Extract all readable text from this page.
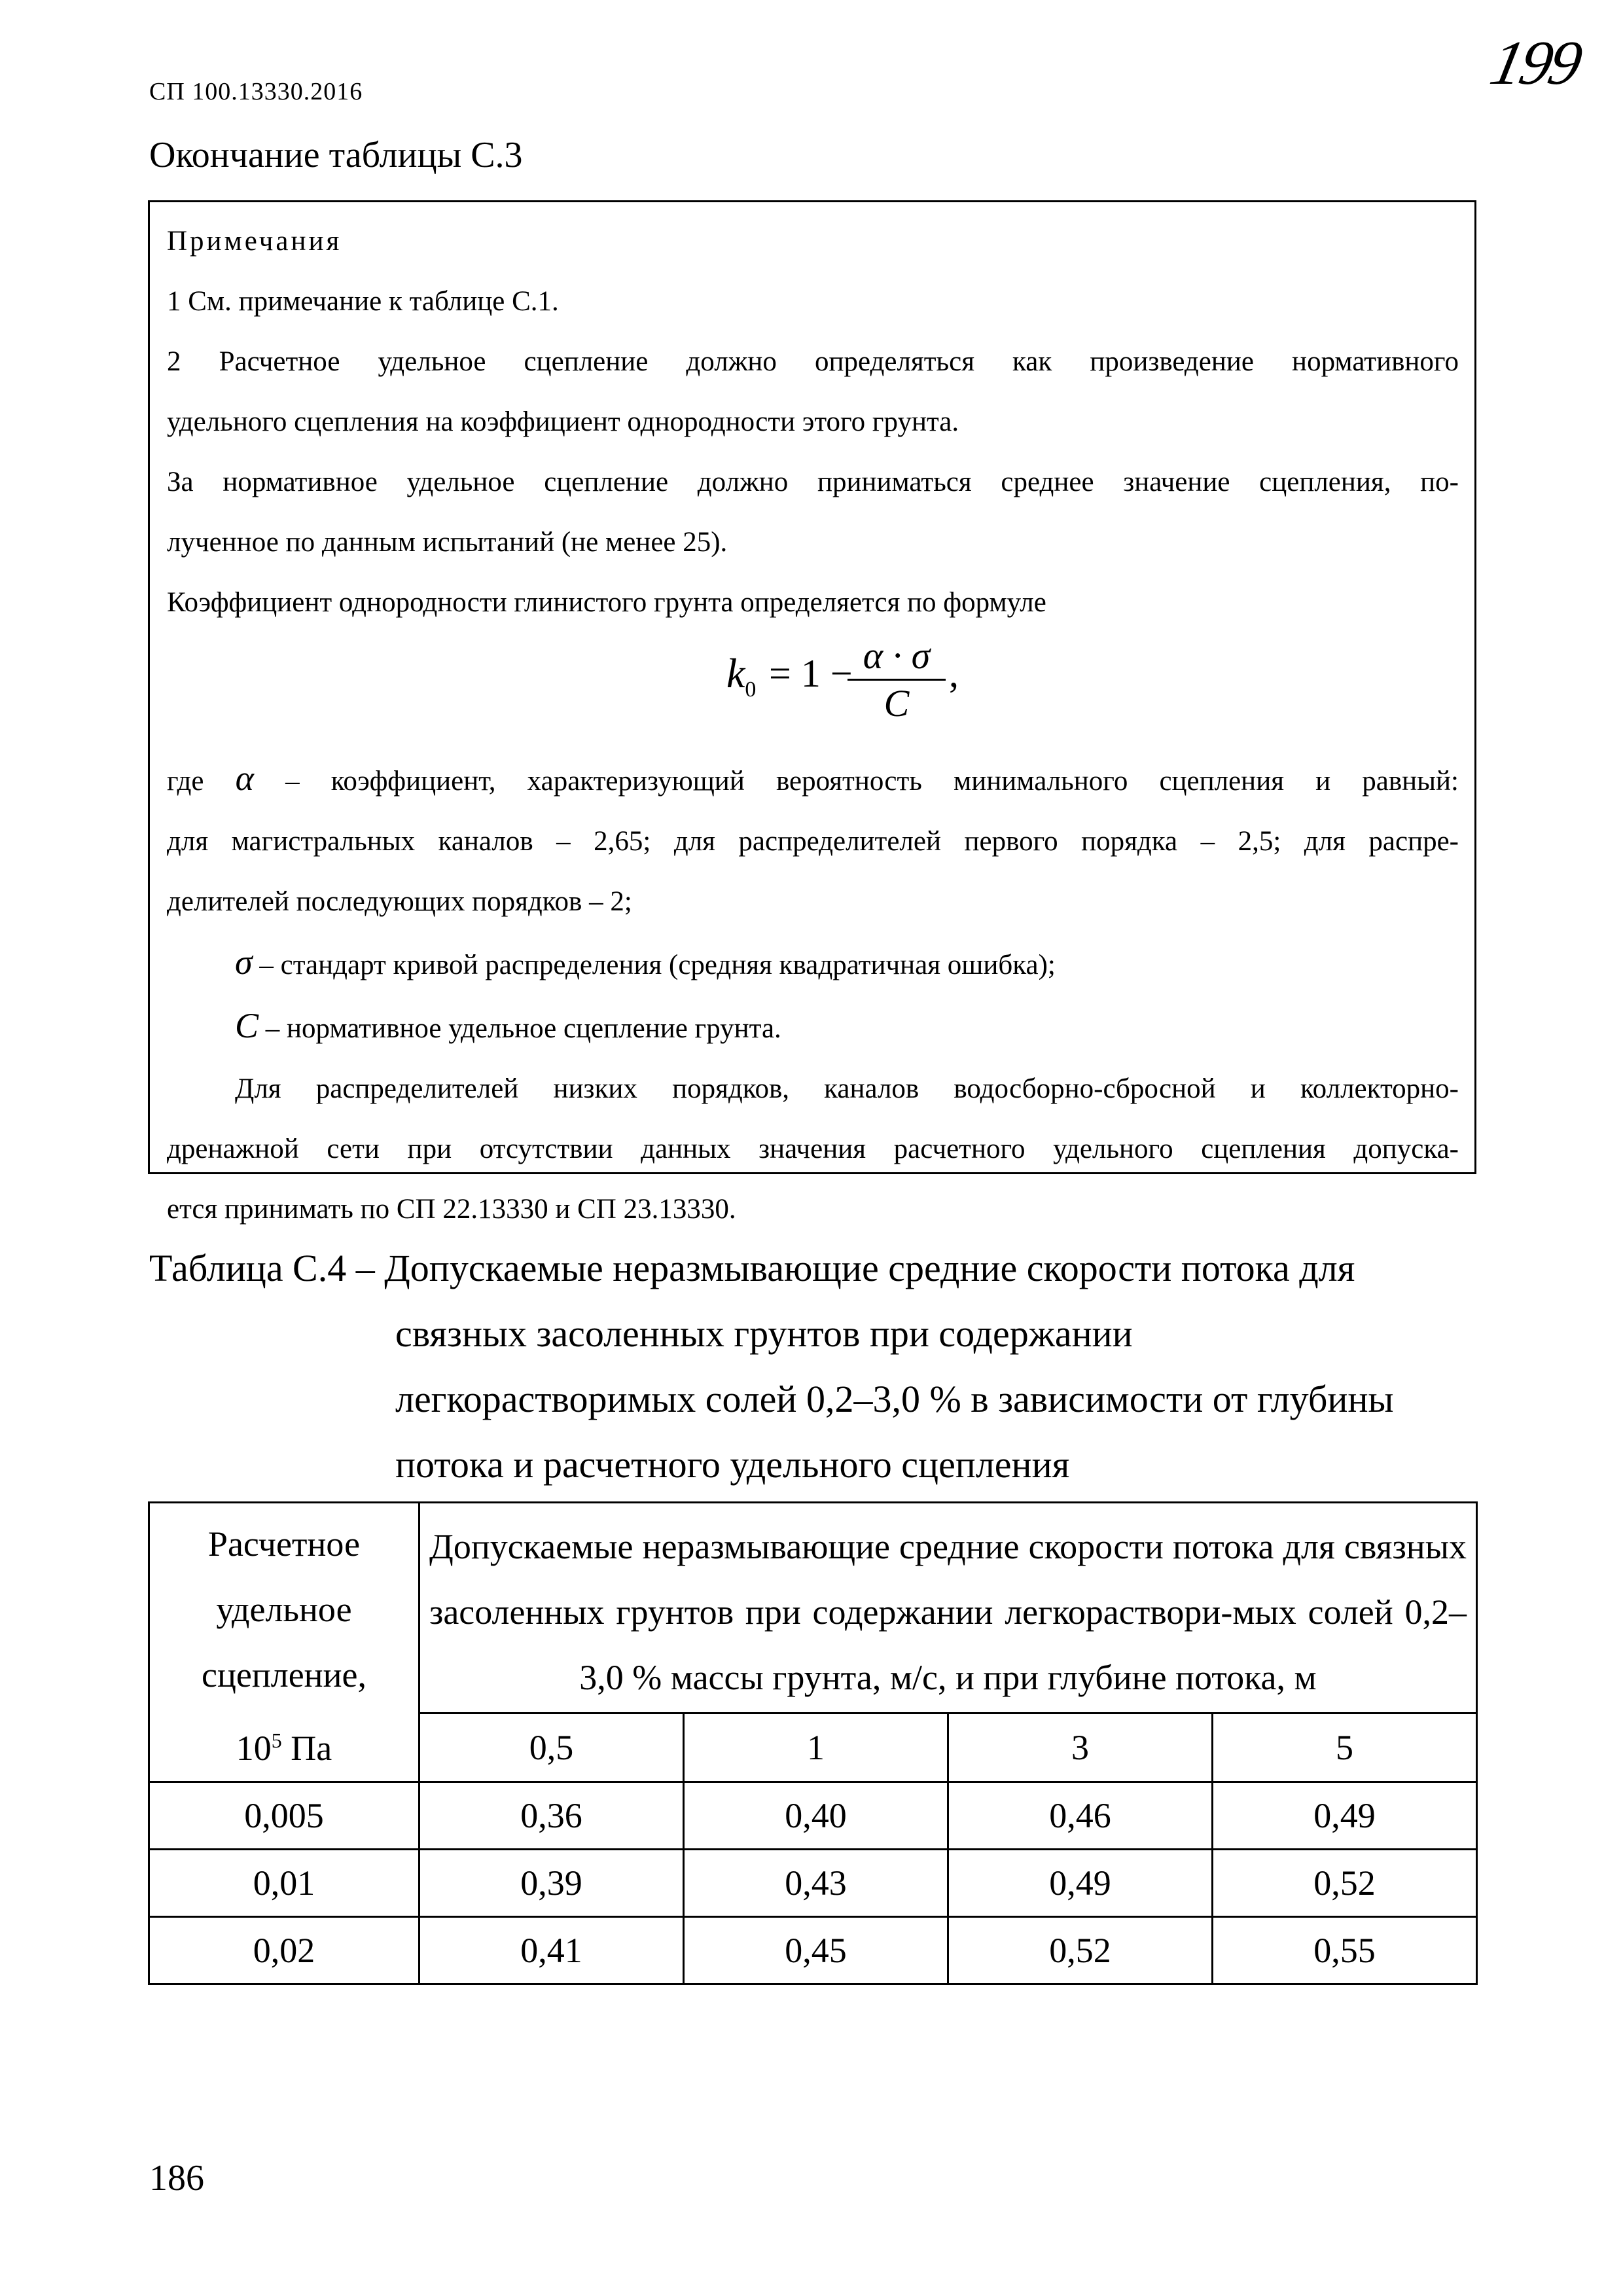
СП 100.13330.2016	199
Окончание таблицы С.3

Примечания

1 См. примечание к таблице С.1.

2 Расчетное удельное сцепление должно определяться как произведение нормативного

удельного сцепления на коэффициент однородности этого грунта.

За нормативное удельное сцепление должно приниматься среднее значение сцепления, по-

лученное по данным испытаний (не менее 25).

Коэффициент однородности глинистого грунта определяется по формуле

$k_0 = 1$ −
$\frac{\alpha \cdot \sigma}{C}$ ,

где α – коэффициент, характеризующий вероятность минимального сцепления и равный:

для магистральных каналов – 2,65; для распределителей первого порядка – 2,5; для распре-

делителей последующих порядков – 2;

σ – стандарт кривой распределения (средняя квадратичная ошибка);

C – нормативное удельное сцепление грунта.

Для распределителей низких порядков, каналов водосборно-сбросной и коллекторно-

дренажной сети при отсутствии данных значения расчетного удельного сцепления допуска-

ется принимать по СП 22.13330 и СП 23.13330.

Таблица С.4 – Допускаемые неразмывающие средние скорости потока для
связных засоленных грунтов при содержании
легкорастворимых солей 0,2–3,0 % в зависимости от глубины
потока и расчетного удельного сцепления
Расчетное
удельное
сцепление,
$10^5$ Па	Допускаемые неразмывающие средние скорости потока для связных засоленных грунтов при содержании легкораствори-мых солей 0,2–3,0 % массы грунта, м/с, и при глубине потока, м			
	0,5	1	3	5
0,005	0,36	0,40	0,46	0,49
0,01	0,39	0,43	0,49	0,52
0,02	0,41	0,45	0,52	0,55
186
